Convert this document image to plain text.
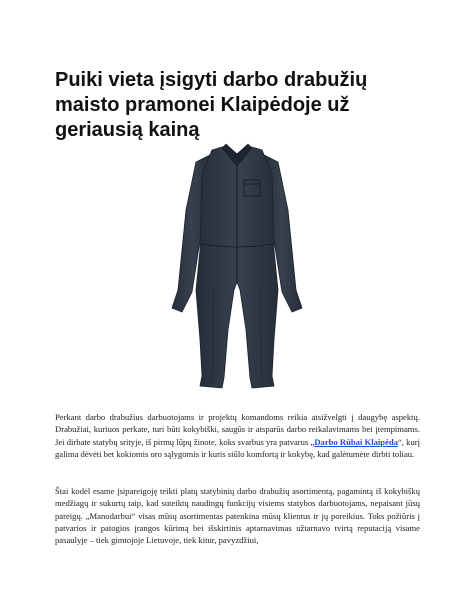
Puiki vieta įsigyti darbo drabužių maisto pramonei Klaipėdoje už geriausią kainą

Perkant darbo drabužius darbuotojams ir projektų komandoms reikia atsižvelgti į daugybę aspektų. Drabužiai, kuriuos perkate, turi būti kokybiški, saugūs ir atsparūs darbo reikalavimams bei įtempimams. Jei dirbate statybų srityje, iš pirmų lūpų žinote, koks svarbus yra patvarus „Darbo Rūbai Klaipėda“, kurį galima dėvėti bet kokiomis oro sąlygomis ir kuris siūlo komfortą ir kokybę, kad galėtumėte dirbti toliau.

Štai kodėl esame įsipareigoję teikti platų statybinių darbo drabužių asortimentą, pagamintą iš kokybiškų medžiagų ir sukurtų taip, kad suteiktų naudingų funkcijų visiems statybos darbuotojams, nepaisant jūsų pareigų. „Manodarbui“ visas mūsų asortimentas patenkina mūsų klientus ir jų poreikius. Toks požiūris į patvarios ir patogios įrangos kūrimą bei išskirtinis aptarnavimas užtarnavo tvirtą reputaciją visame pasaulyje – tiek gimtojoje Lietuvoje, tiek kitur, pavyzdžiui,
